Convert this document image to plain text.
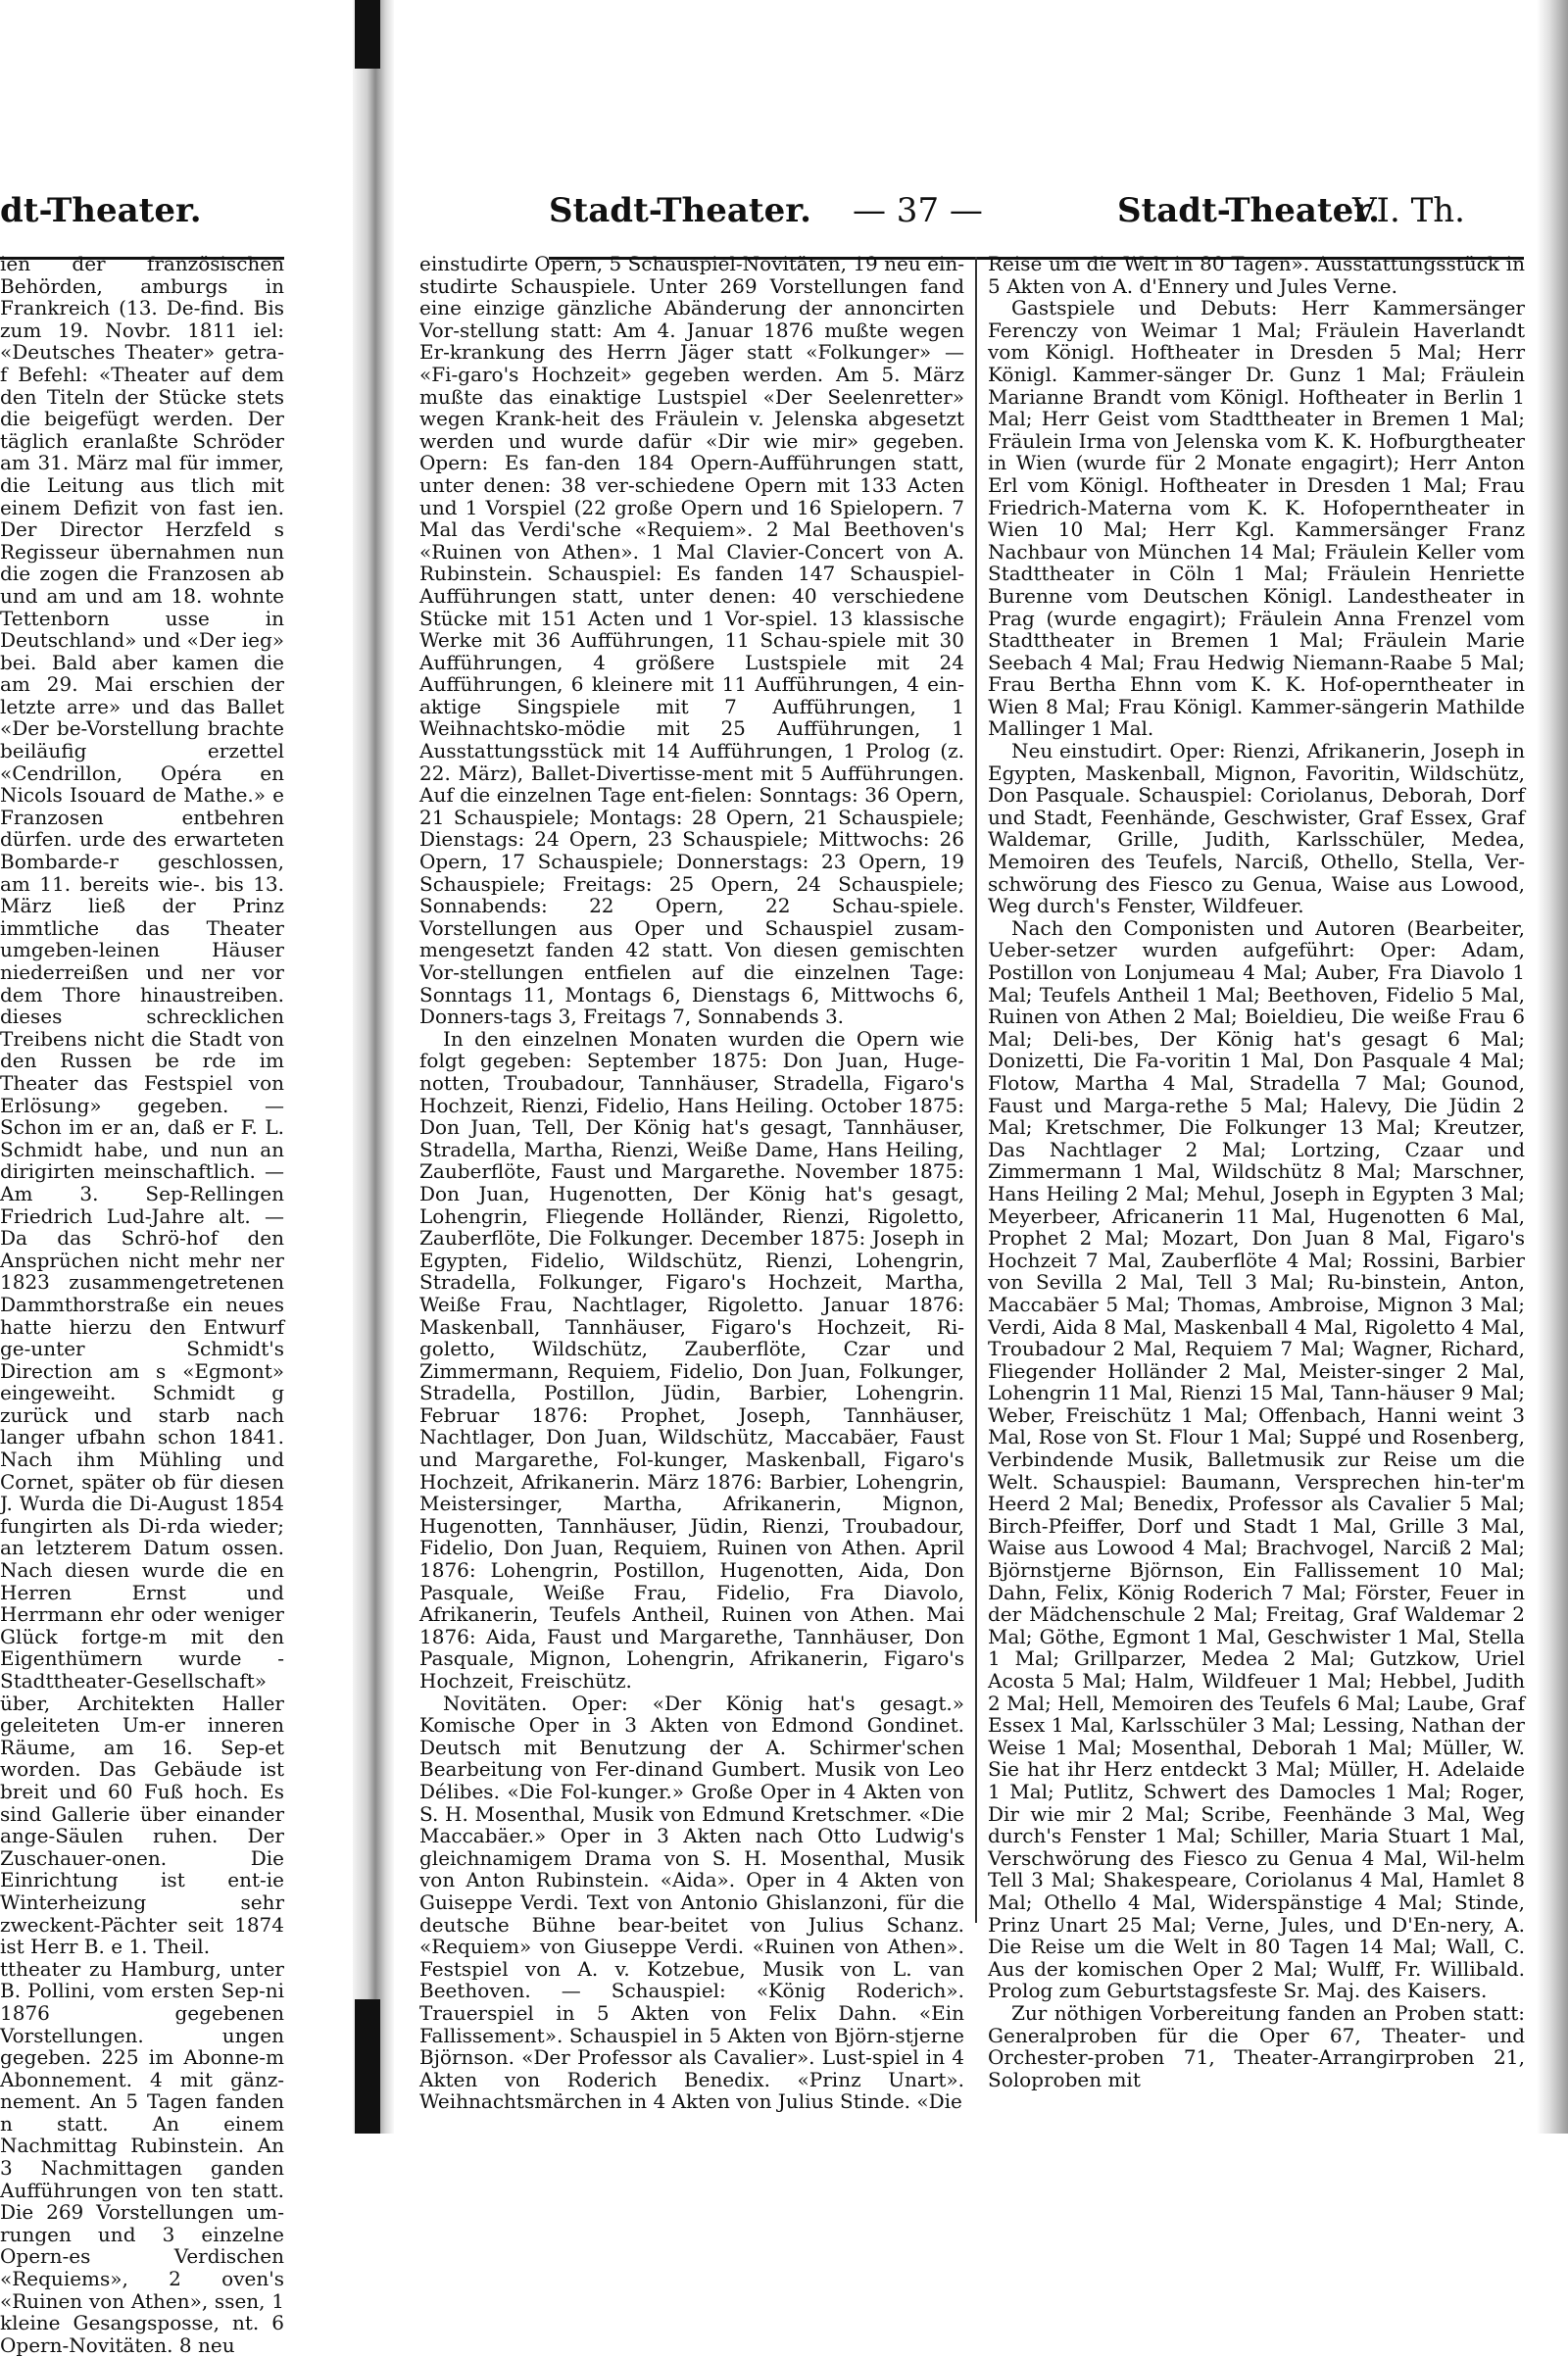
dt-Theater.	Stadt-Theater. — 37 —	Stadt-Theater.
VI. Th.

ien der französischen Behörden, amburgs in Frankreich (13. De-find. Bis zum 19. Novbr. 1811 iel: «Deutsches Theater» getra-f Befehl: «Theater auf dem den Titeln der Stücke stets die beigefügt werden. Der täglich eranlaßte Schröder am 31. März mal für immer, die Leitung aus tlich mit einem Defizit von fast ien. Der Director Herzfeld s Regisseur übernahmen nun die zogen die Franzosen ab und am und am 18. wohnte Tettenborn usse in Deutschland» und «Der ieg» bei. Bald aber kamen die am 29. Mai erschien der letzte arre» und das Ballet «Der be-Vorstellung brachte beiläufig erzettel «Cendrillon, Opéra en Nicols Isouard de Mathe.» e Franzosen entbehren dürfen. urde des erwarteten Bombarde-r geschlossen, am 11. bereits wie-. bis 13. März ließ der Prinz immtliche das Theater umgeben-leinen Häuser niederreißen und ner vor dem Thore hinaustreiben. dieses schrecklichen Treibens nicht die Stadt von den Russen be rde im Theater das Festspiel von Erlösung» gegeben. — Schon im er an, daß er F. L. Schmidt habe, und nun an dirigirten meinschaftlich. — Am 3. Sep-Rellingen Friedrich Lud-Jahre alt. — Da das Schrö-hof den Ansprüchen nicht mehr ner 1823 zusammengetretenen Dammthorstraße ein neues hatte hierzu den Entwurf ge-unter Schmidt's Direction am s «Egmont» eingeweiht. Schmidt g zurück und starb nach langer ufbahn schon 1841. Nach ihm Mühling und Cornet, später ob für diesen J. Wurda die Di-August 1854 fungirten als Di-rda wieder; an letzterem Datum ossen. Nach diesen wurde die en Herren Ernst und Herrmann ehr oder weniger Glück fortge-m mit den Eigenthümern wurde -Stadttheater-Gesellschaft» über, Architekten Haller geleiteten Um-er inneren Räume, am 16. Sep-et worden. Das Gebäude ist breit und 60 Fuß hoch. Es sind Gallerie über einander ange-Säulen ruhen. Der Zuschauer-onen. Die Einrichtung ist ent-ie Winterheizung sehr zweckent-Pächter seit 1874 ist Herr B. e 1. Theil.

ttheater zu Hamburg, unter B. Pollini, vom ersten Sep-ni 1876 gegebenen Vorstellungen. ungen gegeben. 225 im Abonne-m Abonnement. 4 mit gänz-nement. An 5 Tagen fanden n statt. An einem Nachmittag Rubinstein. An 3 Nachmittagen ganden Aufführungen von ten statt. Die 269 Vorstellungen um-rungen und 3 einzelne Opern-es Verdischen «Requiems», 2 oven's «Ruinen von Athen», ssen, 1 kleine Gesangsposse, nt. 6 Opern-Novitäten. 8 neu

einstudirte Opern, 5 Schauspiel-Novitäten, 19 neu ein-studirte Schauspiele. Unter 269 Vorstellungen fand eine einzige gänzliche Abänderung der annoncirten Vor-stellung statt: Am 4. Januar 1876 mußte wegen Er-krankung des Herrn Jäger statt «Folkunger» — «Fi-garo's Hochzeit» gegeben werden. Am 5. März mußte das einaktige Lustspiel «Der Seelenretter» wegen Krank-heit des Fräulein v. Jelenska abgesetzt werden und wurde dafür «Dir wie mir» gegeben. Opern: Es fan-den 184 Opern-Aufführungen statt, unter denen: 38 ver-schiedene Opern mit 133 Acten und 1 Vorspiel (22 große Opern und 16 Spielopern. 7 Mal das Verdi'sche «Requiem». 2 Mal Beethoven's «Ruinen von Athen». 1 Mal Clavier-Concert von A. Rubinstein. Schauspiel: Es fanden 147 Schauspiel-Aufführungen statt, unter denen: 40 verschiedene Stücke mit 151 Acten und 1 Vor-spiel. 13 klassische Werke mit 36 Aufführungen, 11 Schau-spiele mit 30 Aufführungen, 4 größere Lustspiele mit 24 Aufführungen, 6 kleinere mit 11 Aufführungen, 4 ein-aktige Singspiele mit 7 Aufführungen, 1 Weihnachtsko-mödie mit 25 Aufführungen, 1 Ausstattungsstück mit 14 Aufführungen, 1 Prolog (z. 22. März), Ballet-Divertisse-ment mit 5 Aufführungen. Auf die einzelnen Tage ent-fielen: Sonntags: 36 Opern, 21 Schauspiele; Montags: 28 Opern, 21 Schauspiele; Dienstags: 24 Opern, 23 Schauspiele; Mittwochs: 26 Opern, 17 Schauspiele; Donnerstags: 23 Opern, 19 Schauspiele; Freitags: 25 Opern, 24 Schauspiele; Sonnabends: 22 Opern, 22 Schau-spiele. Vorstellungen aus Oper und Schauspiel zusam-mengesetzt fanden 42 statt. Von diesen gemischten Vor-stellungen entfielen auf die einzelnen Tage: Sonntags 11, Montags 6, Dienstags 6, Mittwochs 6, Donners-tags 3, Freitags 7, Sonnabends 3.

In den einzelnen Monaten wurden die Opern wie folgt gegeben: September 1875: Don Juan, Huge-notten, Troubadour, Tannhäuser, Stradella, Figaro's Hochzeit, Rienzi, Fidelio, Hans Heiling. October 1875: Don Juan, Tell, Der König hat's gesagt, Tannhäuser, Stradella, Martha, Rienzi, Weiße Dame, Hans Heiling, Zauberflöte, Faust und Margarethe. November 1875: Don Juan, Hugenotten, Der König hat's gesagt, Lohengrin, Fliegende Holländer, Rienzi, Rigoletto, Zauberflöte, Die Folkunger. December 1875: Joseph in Egypten, Fidelio, Wildschütz, Rienzi, Lohengrin, Stradella, Folkunger, Figaro's Hochzeit, Martha, Weiße Frau, Nachtlager, Rigoletto. Januar 1876: Maskenball, Tannhäuser, Figaro's Hochzeit, Ri-goletto, Wildschütz, Zauberflöte, Czar und Zimmermann, Requiem, Fidelio, Don Juan, Folkunger, Stradella, Postillon, Jüdin, Barbier, Lohengrin. Februar 1876: Prophet, Joseph, Tannhäuser, Nachtlager, Don Juan, Wildschütz, Maccabäer, Faust und Margarethe, Fol-kunger, Maskenball, Figaro's Hochzeit, Afrikanerin. März 1876: Barbier, Lohengrin, Meistersinger, Martha, Afrikanerin, Mignon, Hugenotten, Tannhäuser, Jüdin, Rienzi, Troubadour, Fidelio, Don Juan, Requiem, Ruinen von Athen. April 1876: Lohengrin, Postillon, Hugenotten, Aida, Don Pasquale, Weiße Frau, Fidelio, Fra Diavolo, Afrikanerin, Teufels Antheil, Ruinen von Athen. Mai 1876: Aida, Faust und Margarethe, Tannhäuser, Don Pasquale, Mignon, Lohengrin, Afrikanerin, Figaro's Hochzeit, Freischütz.

Novitäten. Oper: «Der König hat's gesagt.» Komische Oper in 3 Akten von Edmond Gondinet. Deutsch mit Benutzung der A. Schirmer'schen Bearbeitung von Fer-dinand Gumbert. Musik von Leo Délibes. «Die Fol-kunger.» Große Oper in 4 Akten von S. H. Mosenthal, Musik von Edmund Kretschmer. «Die Maccabäer.» Oper in 3 Akten nach Otto Ludwig's gleichnamigem Drama von S. H. Mosenthal, Musik von Anton Rubinstein. «Aida». Oper in 4 Akten von Guiseppe Verdi. Text von Antonio Ghislanzoni, für die deutsche Bühne bear-beitet von Julius Schanz. «Requiem» von Giuseppe Verdi. «Ruinen von Athen». Festspiel von A. v. Kotzebue, Musik von L. van Beethoven. — Schauspiel: «König Roderich». Trauerspiel in 5 Akten von Felix Dahn. «Ein Fallissement». Schauspiel in 5 Akten von Björn-stjerne Björnson. «Der Professor als Cavalier». Lust-spiel in 4 Akten von Roderich Benedix. «Prinz Unart». Weihnachtsmärchen in 4 Akten von Julius Stinde. «Die

Reise um die Welt in 80 Tagen». Ausstattungsstück in 5 Akten von A. d'Ennery und Jules Verne.

Gastspiele und Debuts: Herr Kammersänger Ferenczy von Weimar 1 Mal; Fräulein Haverlandt vom Königl. Hoftheater in Dresden 5 Mal; Herr Königl. Kammer-sänger Dr. Gunz 1 Mal; Fräulein Marianne Brandt vom Königl. Hoftheater in Berlin 1 Mal; Herr Geist vom Stadttheater in Bremen 1 Mal; Fräulein Irma von Jelenska vom K. K. Hofburgtheater in Wien (wurde für 2 Monate engagirt); Herr Anton Erl vom Königl. Hoftheater in Dresden 1 Mal; Frau Friedrich-Materna vom K. K. Hofoperntheater in Wien 10 Mal; Herr Kgl. Kammersänger Franz Nachbaur von München 14 Mal; Fräulein Keller vom Stadttheater in Cöln 1 Mal; Fräulein Henriette Burenne vom Deutschen Königl. Landestheater in Prag (wurde engagirt); Fräulein Anna Frenzel vom Stadttheater in Bremen 1 Mal; Fräulein Marie Seebach 4 Mal; Frau Hedwig Niemann-Raabe 5 Mal; Frau Bertha Ehnn vom K. K. Hof-operntheater in Wien 8 Mal; Frau Königl. Kammer-sängerin Mathilde Mallinger 1 Mal.

Neu einstudirt. Oper: Rienzi, Afrikanerin, Joseph in Egypten, Maskenball, Mignon, Favoritin, Wildschütz, Don Pasquale. Schauspiel: Coriolanus, Deborah, Dorf und Stadt, Feenhände, Geschwister, Graf Essex, Graf Waldemar, Grille, Judith, Karlsschüler, Medea, Memoiren des Teufels, Narciß, Othello, Stella, Ver-schwörung des Fiesco zu Genua, Waise aus Lowood, Weg durch's Fenster, Wildfeuer.

Nach den Componisten und Autoren (Bearbeiter, Ueber-setzer wurden aufgeführt: Oper: Adam, Postillon von Lonjumeau 4 Mal; Auber, Fra Diavolo 1 Mal; Teufels Antheil 1 Mal; Beethoven, Fidelio 5 Mal, Ruinen von Athen 2 Mal; Boieldieu, Die weiße Frau 6 Mal; Deli-bes, Der König hat's gesagt 6 Mal; Donizetti, Die Fa-voritin 1 Mal, Don Pasquale 4 Mal; Flotow, Martha 4 Mal, Stradella 7 Mal; Gounod, Faust und Marga-rethe 5 Mal; Halevy, Die Jüdin 2 Mal; Kretschmer, Die Folkunger 13 Mal; Kreutzer, Das Nachtlager 2 Mal; Lortzing, Czaar und Zimmermann 1 Mal, Wildschütz 8 Mal; Marschner, Hans Heiling 2 Mal; Mehul, Joseph in Egypten 3 Mal; Meyerbeer, Africanerin 11 Mal, Hugenotten 6 Mal, Prophet 2 Mal; Mozart, Don Juan 8 Mal, Figaro's Hochzeit 7 Mal, Zauberflöte 4 Mal; Rossini, Barbier von Sevilla 2 Mal, Tell 3 Mal; Ru-binstein, Anton, Maccabäer 5 Mal; Thomas, Ambroise, Mignon 3 Mal; Verdi, Aida 8 Mal, Maskenball 4 Mal, Rigoletto 4 Mal, Troubadour 2 Mal, Requiem 7 Mal; Wagner, Richard, Fliegender Holländer 2 Mal, Meister-singer 2 Mal, Lohengrin 11 Mal, Rienzi 15 Mal, Tann-häuser 9 Mal; Weber, Freischütz 1 Mal; Offenbach, Hanni weint 3 Mal, Rose von St. Flour 1 Mal; Suppé und Rosenberg, Verbindende Musik, Balletmusik zur Reise um die Welt. Schauspiel: Baumann, Versprechen hin-ter'm Heerd 2 Mal; Benedix, Professor als Cavalier 5 Mal; Birch-Pfeiffer, Dorf und Stadt 1 Mal, Grille 3 Mal, Waise aus Lowood 4 Mal; Brachvogel, Narciß 2 Mal; Björnstjerne Björnson, Ein Fallissement 10 Mal; Dahn, Felix, König Roderich 7 Mal; Förster, Feuer in der Mädchenschule 2 Mal; Freitag, Graf Waldemar 2 Mal; Göthe, Egmont 1 Mal, Geschwister 1 Mal, Stella 1 Mal; Grillparzer, Medea 2 Mal; Gutzkow, Uriel Acosta 5 Mal; Halm, Wildfeuer 1 Mal; Hebbel, Judith 2 Mal; Hell, Memoiren des Teufels 6 Mal; Laube, Graf Essex 1 Mal, Karlsschüler 3 Mal; Lessing, Nathan der Weise 1 Mal; Mosenthal, Deborah 1 Mal; Müller, W. Sie hat ihr Herz entdeckt 3 Mal; Müller, H. Adelaide 1 Mal; Putlitz, Schwert des Damocles 1 Mal; Roger, Dir wie mir 2 Mal; Scribe, Feenhände 3 Mal, Weg durch's Fenster 1 Mal; Schiller, Maria Stuart 1 Mal, Verschwörung des Fiesco zu Genua 4 Mal, Wil-helm Tell 3 Mal; Shakespeare, Coriolanus 4 Mal, Hamlet 8 Mal; Othello 4 Mal, Widerspänstige 4 Mal; Stinde, Prinz Unart 25 Mal; Verne, Jules, und D'En-nery, A. Die Reise um die Welt in 80 Tagen 14 Mal; Wall, C. Aus der komischen Oper 2 Mal; Wulff, Fr. Willibald. Prolog zum Geburtstagsfeste Sr. Maj. des Kaisers.

Zur nöthigen Vorbereitung fanden an Proben statt: Generalproben für die Oper 67, Theater- und Orchester-proben 71, Theater-Arrangirproben 21, Soloproben mit
